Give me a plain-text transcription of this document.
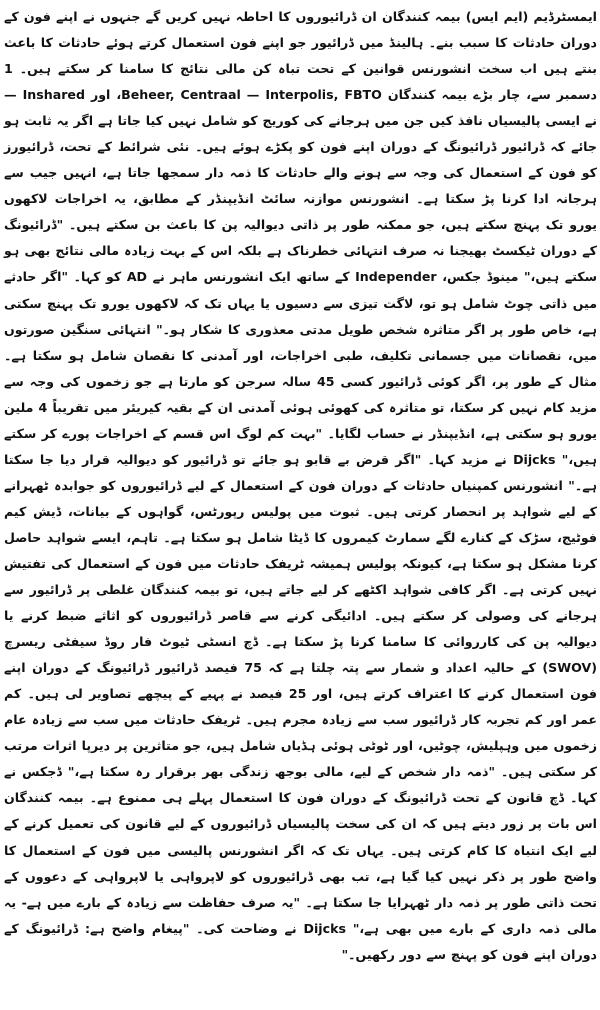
ایمسٹرڈیم (ایم ایس) بیمہ کنندگان ان ڈرائیوروں کا احاطہ نہیں کریں گے جنہوں نے اپنے فون کے دوران حادثات کا سبب بنے۔ ہالینڈ میں ڈرائیور جو اپنے فون استعمال کرتے ہوئے حادثات کا باعث بنتے ہیں اب سخت انشورنس قوانین کے تحت تباہ کن مالی نتائج کا سامنا کر سکتے ہیں۔ 1 دسمبر سے، چار بڑے بیمہ کنندگان Beheer, Centraal — Interpolis, FBTO، اور Inshared — نے ایسی پالیسیاں نافذ کیں جن میں ہرجانے کی کوریج کو شامل نہیں کیا جاتا ہے اگر یہ ثابت ہو جائے کہ ڈرائیور ڈرائیونگ کے دوران اپنے فون کو پکڑے ہوئے ہیں۔ نئی شرائط کے تحت، ڈرائیورز کو فون کے استعمال کی وجہ سے ہونے والے حادثات کا ذمہ دار سمجھا جاتا ہے، انہیں جیب سے ہرجانہ ادا کرنا پڑ سکتا ہے۔ انشورنس موازنہ سائٹ انڈیپنڈر کے مطابق، یہ اخراجات لاکھوں یورو تک پہنچ سکتے ہیں، جو ممکنہ طور پر ذاتی دیوالیہ پن کا باعث بن سکتے ہیں۔ "ڈرائیونگ کے دوران ٹیکسٹ بھیجنا نہ صرف انتہائی خطرناک ہے بلکہ اس کے بہت زیادہ مالی نتائج بھی ہو سکتے ہیں،" مینوڈ جکس، Independer کے ساتھ ایک انشورنس ماہر نے AD کو کہا۔ "اگر حادثے میں ذاتی چوٹ شامل ہو تو، لاگت تیزی سے دسیوں یا یہاں تک کہ لاکھوں یورو تک پہنچ سکتی ہے، خاص طور پر اگر متاثرہ شخص طویل مدتی معذوری کا شکار ہو۔" انتہائی سنگین صورتوں میں، نقصانات میں جسمانی تکلیف، طبی اخراجات، اور آمدنی کا نقصان شامل ہو سکتا ہے۔ مثال کے طور پر، اگر کوئی ڈرائیور کسی 45 سالہ سرجن کو مارتا ہے جو زخموں کی وجہ سے مزید کام نہیں کر سکتا، تو متاثرہ کی کھوئی ہوئی آمدنی ان کے بقیہ کیریئر میں تقریباً 4 ملین یورو ہو سکتی ہے، انڈیپنڈر نے حساب لگایا۔ "بہت کم لوگ اس قسم کے اخراجات پورے کر سکتے ہیں،" Dijcks نے مزید کہا۔ "اگر قرض بے قابو ہو جائے تو ڈرائیور کو دیوالیہ قرار دیا جا سکتا ہے۔" انشورنس کمپنیاں حادثات کے دوران فون کے استعمال کے لیے ڈرائیوروں کو جوابدہ ٹھہرانے کے لیے شواہد پر انحصار کرتی ہیں۔ ثبوت میں پولیس رپورٹس، گواہوں کے بیانات، ڈیش کیم فوٹیج، سڑک کے کنارے لگے سمارٹ کیمروں کا ڈیٹا شامل ہو سکتا ہے۔ تاہم، ایسے شواہد حاصل کرنا مشکل ہو سکتا ہے، کیونکہ پولیس ہمیشہ ٹریفک حادثات میں فون کے استعمال کی تفتیش نہیں کرتی ہے۔ اگر کافی شواہد اکٹھے کر لیے جاتے ہیں، تو بیمہ کنندگان غلطی پر ڈرائیور سے ہرجانے کی وصولی کر سکتے ہیں۔ ادائیگی کرنے سے قاصر ڈرائیوروں کو اثاثے ضبط کرنے یا دیوالیہ پن کی کارروائی کا سامنا کرنا پڑ سکتا ہے۔ ڈچ انسٹی ٹیوٹ فار روڈ سیفٹی ریسرچ (SWOV) کے حالیہ اعداد و شمار سے پتہ چلتا ہے کہ 75 فیصد ڈرائیور ڈرائیونگ کے دوران اپنے فون استعمال کرنے کا اعتراف کرتے ہیں، اور 25 فیصد نے پہیے کے پیچھے تصاویر لی ہیں۔ کم عمر اور کم تجربہ کار ڈرائیور سب سے زیادہ مجرم ہیں۔ ٹریفک حادثات میں سب سے زیادہ عام زخموں میں وہپلیش، چوٹیں، اور ٹوٹی ہوئی ہڈیاں شامل ہیں، جو متاثرین پر دیرپا اثرات مرتب کر سکتی ہیں۔ "ذمہ دار شخص کے لیے، مالی بوجھ زندگی بھر برقرار رہ سکتا ہے،" ڈجکس نے کہا۔ ڈچ قانون کے تحت ڈرائیونگ کے دوران فون کا استعمال پہلے ہی ممنوع ہے۔ بیمہ کنندگان اس بات پر زور دیتے ہیں کہ ان کی سخت پالیسیاں ڈرائیوروں کے لیے قانون کی تعمیل کرنے کے لیے ایک انتباہ کا کام کرتی ہیں۔ یہاں تک کہ اگر انشورنس پالیسی میں فون کے استعمال کا واضح طور پر ذکر نہیں کیا گیا ہے، تب بھی ڈرائیوروں کو لاپرواہی یا لاپرواہی کے دعووں کے تحت ذاتی طور پر ذمہ دار ٹھہرایا جا سکتا ہے۔ "یہ صرف حفاظت سے زیادہ کے بارے میں ہے- یہ مالی ذمہ داری کے بارے میں بھی ہے،" Dijcks نے وضاحت کی۔ "پیغام واضح ہے: ڈرائیونگ کے دوران اپنے فون کو پہنچ سے دور رکھیں۔"
